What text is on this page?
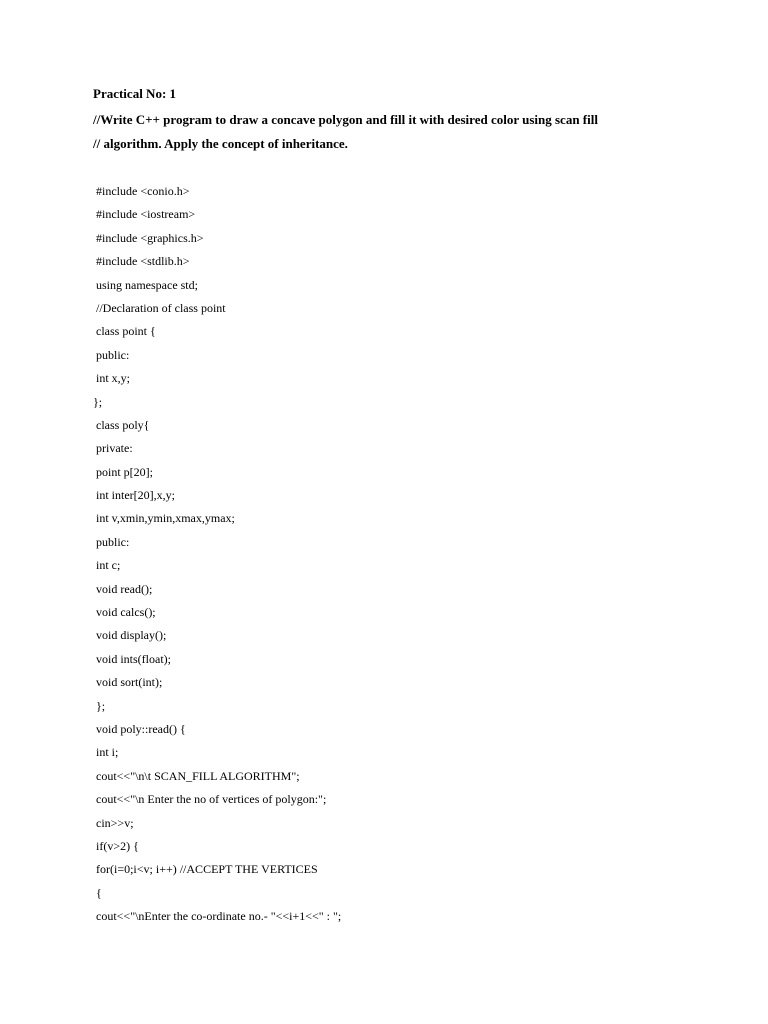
Practical No: 1
//Write C++ program to draw a concave polygon and fill it with desired color using scan fill
// algorithm. Apply the concept of inheritance.
#include <conio.h>
#include <iostream>
#include <graphics.h>
#include <stdlib.h>
using namespace std;
//Declaration of class point
class point {
public:
int x,y;
};
class poly{
private:
point p[20];
int inter[20],x,y;
int v,xmin,ymin,xmax,ymax;
public:
int c;
void read();
void calcs();
void display();
void ints(float);
void sort(int);
};
void poly::read() {
int i;
cout<<"\n\t SCAN_FILL ALGORITHM";
cout<<"\n Enter the no of vertices of polygon:";
cin>>v;
if(v>2) {
for(i=0;i<v; i++) //ACCEPT THE VERTICES
{
cout<<"\nEnter the co-ordinate no.- "<<i+1<<" : ";
